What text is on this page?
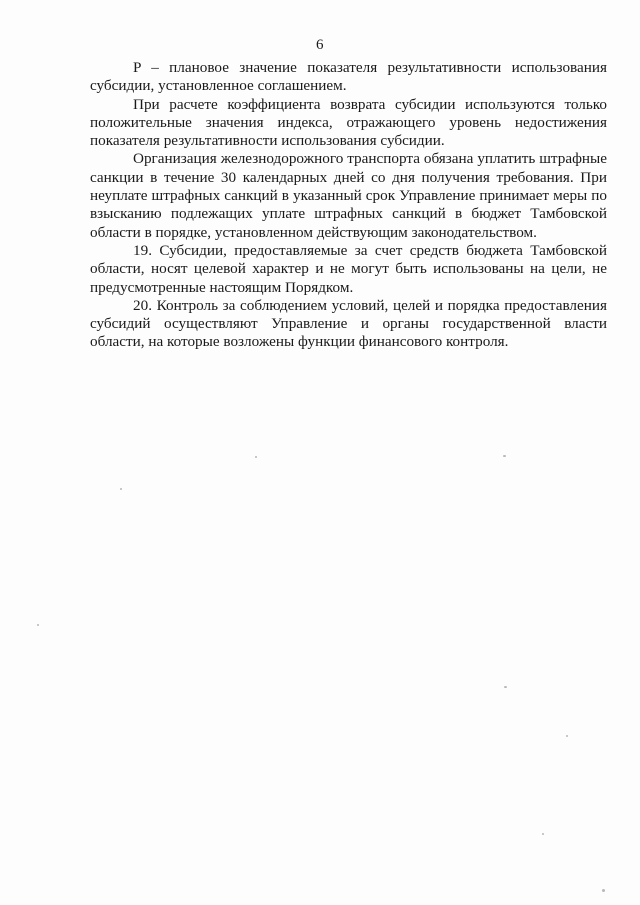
6

P – плановое значение показателя результативности использования субсидии, установленное соглашением.

При расчете коэффициента возврата субсидии используются только положительные значения индекса, отражающего уровень недостижения показателя результативности использования субсидии.

Организация железнодорожного транспорта обязана уплатить штрафные санкции в течение 30 календарных дней со дня получения требования. При неуплате штрафных санкций в указанный срок Управление принимает меры по взысканию подлежащих уплате штрафных санкций в бюджет Тамбовской области в порядке, установленном действующим законодательством.

19. Субсидии, предоставляемые за счет средств бюджета Тамбовской области, носят целевой характер и не могут быть использованы на цели, не предусмотренные настоящим Порядком.

20. Контроль за соблюдением условий, целей и порядка предоставления субсидий осуществляют Управление и органы государственной власти области, на которые возложены функции финансового контроля.
